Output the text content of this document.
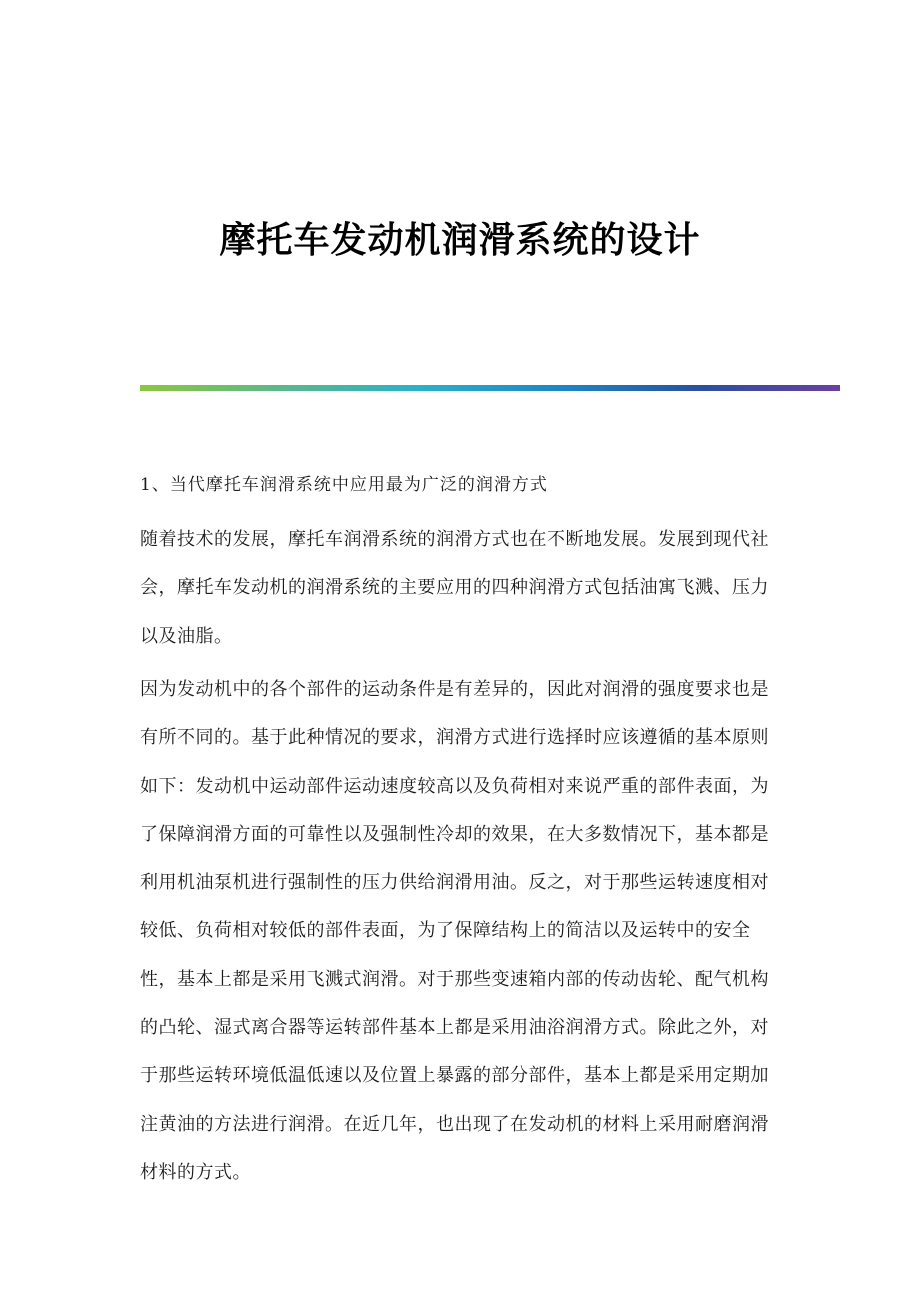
摩托车发动机润滑系统的设计
1、当代摩托车润滑系统中应用最为广泛的润滑方式
随着技术的发展，摩托车润滑系统的润滑方式也在不断地发展。发展到现代社
会，摩托车发动机的润滑系统的主要应用的四种润滑方式包括油寓飞溅、压力
以及油脂。
因为发动机中的各个部件的运动条件是有差异的，因此对润滑的强度要求也是
有所不同的。基于此种情况的要求，润滑方式进行选择时应该遵循的基本原则
如下：发动机中运动部件运动速度较高以及负荷相对来说严重的部件表面，为
了保障润滑方面的可靠性以及强制性冷却的效果，在大多数情况下，基本都是
利用机油泵机进行强制性的压力供给润滑用油。反之，对于那些运转速度相对
较低、负荷相对较低的部件表面，为了保障结构上的简洁以及运转中的安全
性，基本上都是采用飞溅式润滑。对于那些变速箱内部的传动齿轮、配气机构
的凸轮、湿式离合器等运转部件基本上都是采用油浴润滑方式。除此之外，对
于那些运转环境低温低速以及位置上暴露的部分部件，基本上都是采用定期加
注黄油的方法进行润滑。在近几年，也出现了在发动机的材料上采用耐磨润滑
材料的方式。
